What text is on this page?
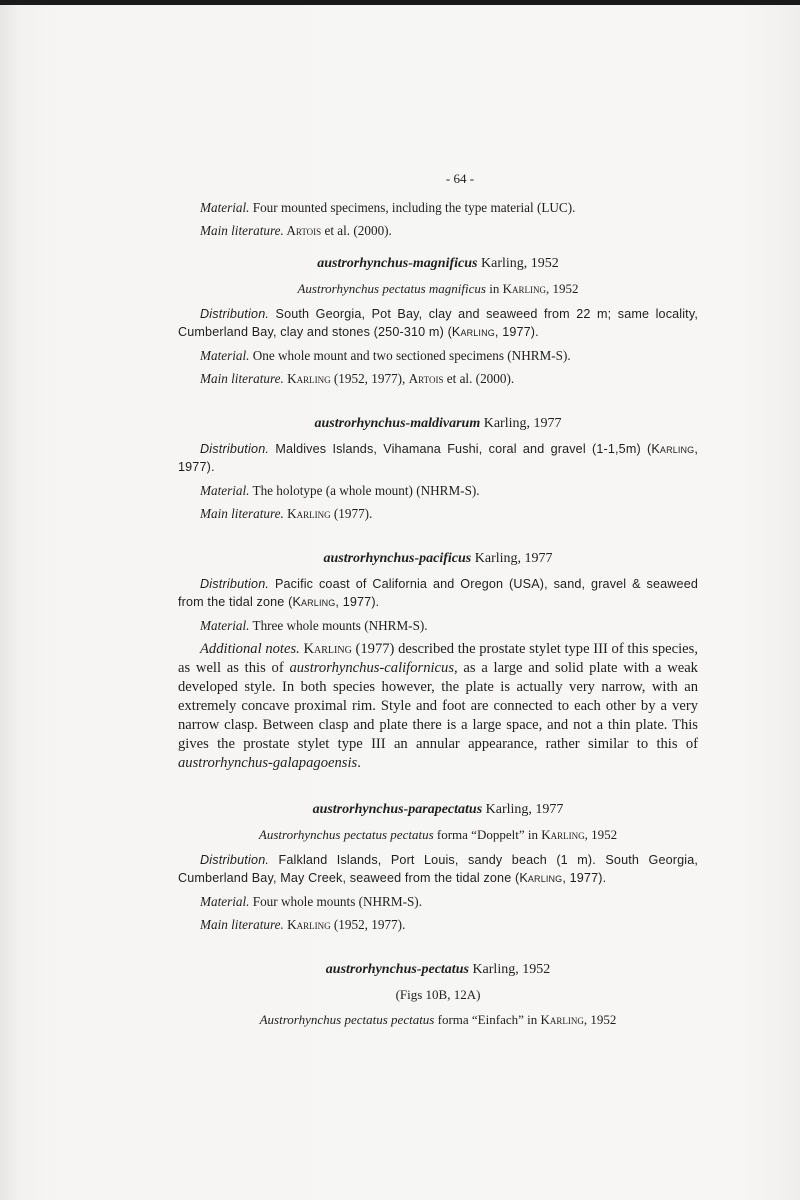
- 64 -

Material. Four mounted specimens, including the type material (LUC).

Main literature. Artois et al. (2000).

austrorhynchus-magnificus Karling, 1952
Austrorhynchus pectatus magnificus in Karling, 1952

Distribution. South Georgia, Pot Bay, clay and seaweed from 22 m; same locality, Cumberland Bay, clay and stones (250-310 m) (Karling, 1977).

Material. One whole mount and two sectioned specimens (NHRM-S).

Main literature. Karling (1952, 1977), Artois et al. (2000).

austrorhynchus-maldivarum Karling, 1977

Distribution. Maldives Islands, Vihamana Fushi, coral and gravel (1-1,5m) (Karling, 1977).

Material. The holotype (a whole mount) (NHRM-S).

Main literature. Karling (1977).

austrorhynchus-pacificus Karling, 1977

Distribution. Pacific coast of California and Oregon (USA), sand, gravel & seaweed from the tidal zone (Karling, 1977).

Material. Three whole mounts (NHRM-S).

Additional notes. Karling (1977) described the prostate stylet type III of this species, as well as this of austrorhynchus-californicus, as a large and solid plate with a weak developed style. In both species however, the plate is actually very narrow, with an extremely concave proximal rim. Style and foot are connected to each other by a very narrow clasp. Between clasp and plate there is a large space, and not a thin plate. This gives the prostate stylet type III an annular appearance, rather similar to this of austrorhynchus-galapagoensis.

austrorhynchus-parapectatus Karling, 1977
Austrorhynchus pectatus pectatus forma “Doppelt” in Karling, 1952

Distribution. Falkland Islands, Port Louis, sandy beach (1 m). South Georgia, Cumberland Bay, May Creek, seaweed from the tidal zone (Karling, 1977).

Material. Four whole mounts (NHRM-S).

Main literature. Karling (1952, 1977).

austrorhynchus-pectatus Karling, 1952
(Figs 10B, 12A)
Austrorhynchus pectatus pectatus forma “Einfach” in Karling, 1952
